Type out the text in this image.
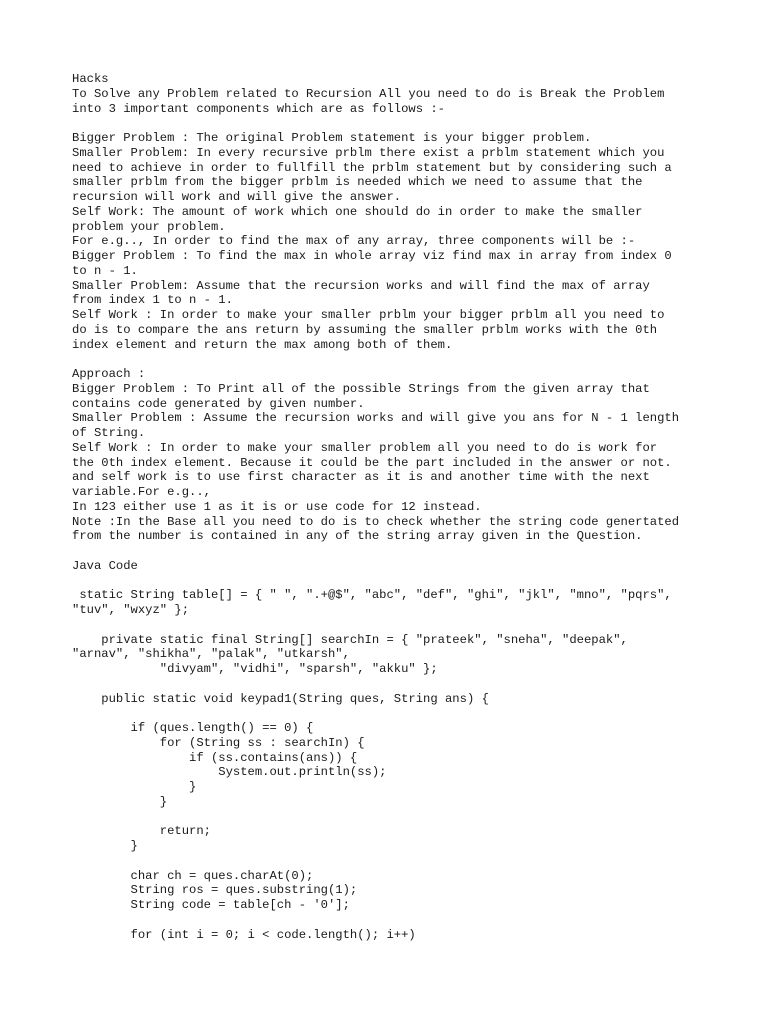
Hacks
To Solve any Problem related to Recursion All you need to do is Break the Problem
into 3 important components which are as follows :-
Bigger Problem : The original Problem statement is your bigger problem.
Smaller Problem: In every recursive prblm there exist a prblm statement which you
need to achieve in order to fullfill the prblm statement but by considering such a
smaller prblm from the bigger prblm is needed which we need to assume that the
recursion will work and will give the answer.
Self Work: The amount of work which one should do in order to make the smaller
problem your problem.
For e.g.., In order to find the max of any array, three components will be :-
Bigger Problem : To find the max in whole array viz find max in array from index 0
to n - 1.
Smaller Problem: Assume that the recursion works and will find the max of array
from index 1 to n - 1.
Self Work : In order to make your smaller prblm your bigger prblm all you need to
do is to compare the ans return by assuming the smaller prblm works with the 0th
index element and return the max among both of them.
Approach :
Bigger Problem : To Print all of the possible Strings from the given array that
contains code generated by given number.
Smaller Problem : Assume the recursion works and will give you ans for N - 1 length
of String.
Self Work : In order to make your smaller problem all you need to do is work for
the 0th index element. Because it could be the part included in the answer or not.
and self work is to use first character as it is and another time with the next
variable.For e.g..,
In 123 either use 1 as it is or use code for 12 instead.
Note :In the Base all you need to do is to check whether the string code genertated
from the number is contained in any of the string array given in the Question.
Java Code
static String table[] = { " ", ".+@$", "abc", "def", "ghi", "jkl", "mno", "pqrs",
"tuv", "wxyz" };
private static final String[] searchIn = { "prateek", "sneha", "deepak",
"arnav", "shikha", "palak", "utkarsh",
"divyam", "vidhi", "sparsh", "akku" };
public static void keypad1(String ques, String ans) {
if (ques.length() == 0) {
for (String ss : searchIn) {
if (ss.contains(ans)) {
System.out.println(ss);
}
}
return;
}
char ch = ques.charAt(0);
String ros = ques.substring(1);
String code = table[ch - '0'];
for (int i = 0; i < code.length(); i++)
